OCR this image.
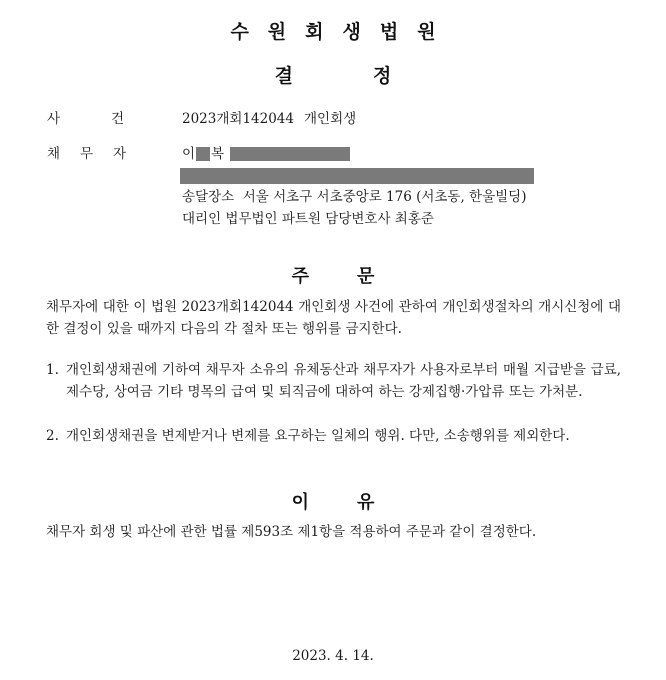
수원회생법원
결정
사	건	2023개회142044 개인회생
채 무 자	이 복
송달장소  서울 서초구 서초중앙로 176 (서초동, 한울빌딩)
대리인 법무법인 파트원 담당변호사 최홍준
주문
채무자에 대한 이 법원 2023개회142044 개인회생 사건에 관하여 개인회생절차의 개시신청에 대한 결정이 있을 때까지 다음의 각 절차 또는 행위를 금지한다.
1. 개인회생채권에 기하여 채무자 소유의 유체동산과 채무자가 사용자로부터 매월 지급받을 급료, 제수당, 상여금 기타 명목의 급여 및 퇴직금에 대하여 하는 강제집행·가압류 또는 가처분.
2. 개인회생채권을 변제받거나 변제를 요구하는 일체의 행위. 다만, 소송행위를 제외한다.
이유
채무자 회생 및 파산에 관한 법률 제593조 제1항을 적용하여 주문과 같이 결정한다.
2023. 4. 14.
